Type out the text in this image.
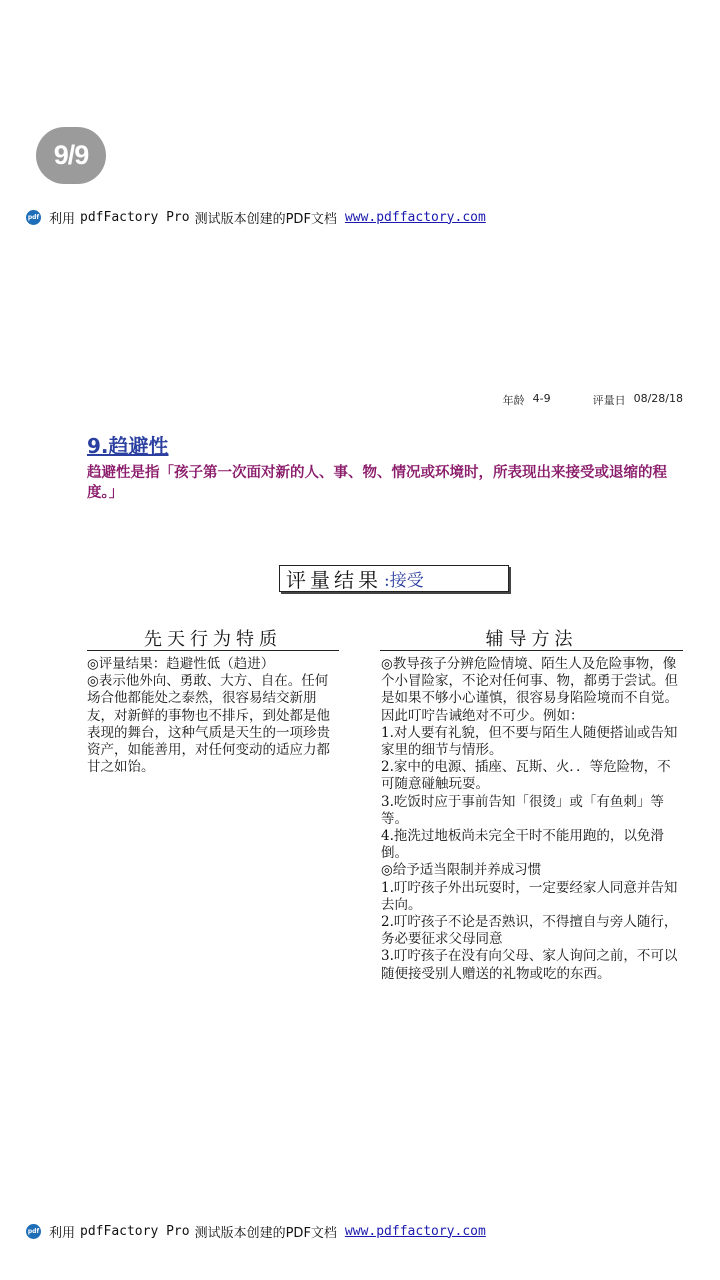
9/9
pdf 利用 pdfFactory Pro 测试版本创建的PDF文档 www.pdffactory.com
年龄 4-9	评量日 08/28/18
9.趋避性
趋避性是指「孩子第一次面对新的人、事、物、情况或环境时，所表现出来接受或退缩的程度。」
评量结果 :接受
先天行为特质

◎评量结果：趋避性低（趋进）

◎表示他外向、勇敢、大方、自在。任何场合他都能处之泰然，很容易结交新朋友，对新鲜的事物也不排斥，到处都是他表现的舞台，这种气质是天生的一项珍贵资产，如能善用，对任何变动的适应力都甘之如饴。

辅导方法

◎教导孩子分辨危险情境、陌生人及危险事物，像个小冒险家，不论对任何事、物，都勇于尝试。但是如果不够小心谨慎，很容易身陷险境而不自觉。因此叮咛告诫绝对不可少。例如：

1.对人要有礼貌，但不要与陌生人随便搭讪或告知家里的细节与情形。

2.家中的电源、插座、瓦斯、火．．等危险物，不可随意碰触玩耍。

3.吃饭时应于事前告知「很烫」或「有鱼刺」等等。

4.拖洗过地板尚未完全干时不能用跑的，以免滑倒。

◎给予适当限制并养成习惯

1.叮咛孩子外出玩耍时，一定要经家人同意并告知去向。

2.叮咛孩子不论是否熟识，不得擅自与旁人随行，务必要征求父母同意

3.叮咛孩子在没有向父母、家人询问之前，不可以随便接受别人赠送的礼物或吃的东西。

pdf 利用 pdfFactory Pro 测试版本创建的PDF文档 www.pdffactory.com
